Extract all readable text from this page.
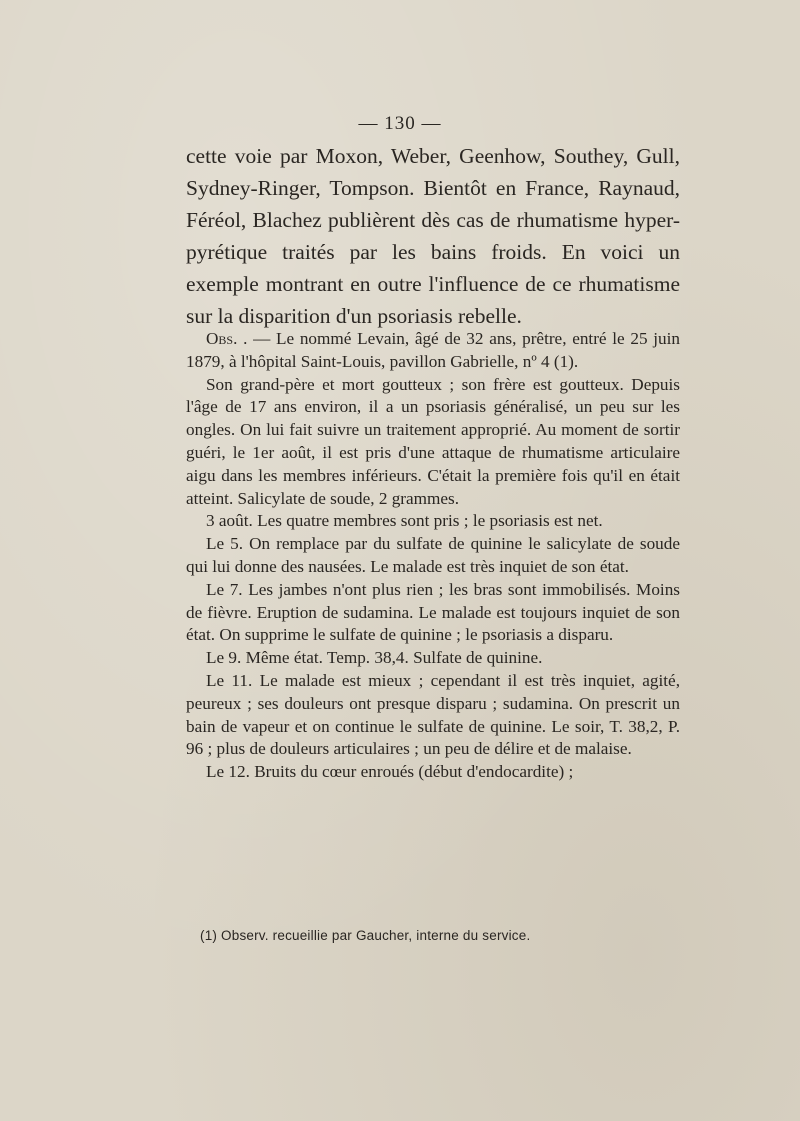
— 130 —

cette voie par Moxon, Weber, Geenhow, Southey, Gull, Sydney-Ringer, Tompson. Bientôt en France, Raynaud, Féréol, Blachez publièrent dès cas de rhumatisme hyper-pyrétique traités par les bains froids. En voici un exemple montrant en outre l'influence de ce rhumatisme sur la disparition d'un psoriasis rebelle.

Obs. . — Le nommé Levain, âgé de 32 ans, prêtre, entré le 25 juin 1879, à l'hôpital Saint-Louis, pavillon Gabrielle, nº 4 (1).

Son grand-père et mort goutteux ; son frère est goutteux. Depuis l'âge de 17 ans environ, il a un psoriasis généralisé, un peu sur les ongles. On lui fait suivre un traitement approprié. Au moment de sortir guéri, le 1er août, il est pris d'une attaque de rhumatisme articulaire aigu dans les membres inférieurs. C'était la première fois qu'il en était atteint. Salicylate de soude, 2 grammes.

3 août. Les quatre membres sont pris ; le psoriasis est net.

Le 5. On remplace par du sulfate de quinine le salicylate de soude qui lui donne des nausées. Le malade est très inquiet de son état.

Le 7. Les jambes n'ont plus rien ; les bras sont immobilisés. Moins de fièvre. Eruption de sudamina. Le malade est toujours inquiet de son état. On supprime le sulfate de quinine ; le psoriasis a disparu.

Le 9. Même état. Temp. 38,4. Sulfate de quinine.

Le 11. Le malade est mieux ; cependant il est très inquiet, agité, peureux ; ses douleurs ont presque disparu ; sudamina. On prescrit un bain de vapeur et on continue le sulfate de quinine. Le soir, T. 38,2, P. 96 ; plus de douleurs articulaires ; un peu de délire et de malaise.

Le 12. Bruits du cœur enroués (début d'endocardite) ;

(1) Observ. recueillie par Gaucher, interne du service.
